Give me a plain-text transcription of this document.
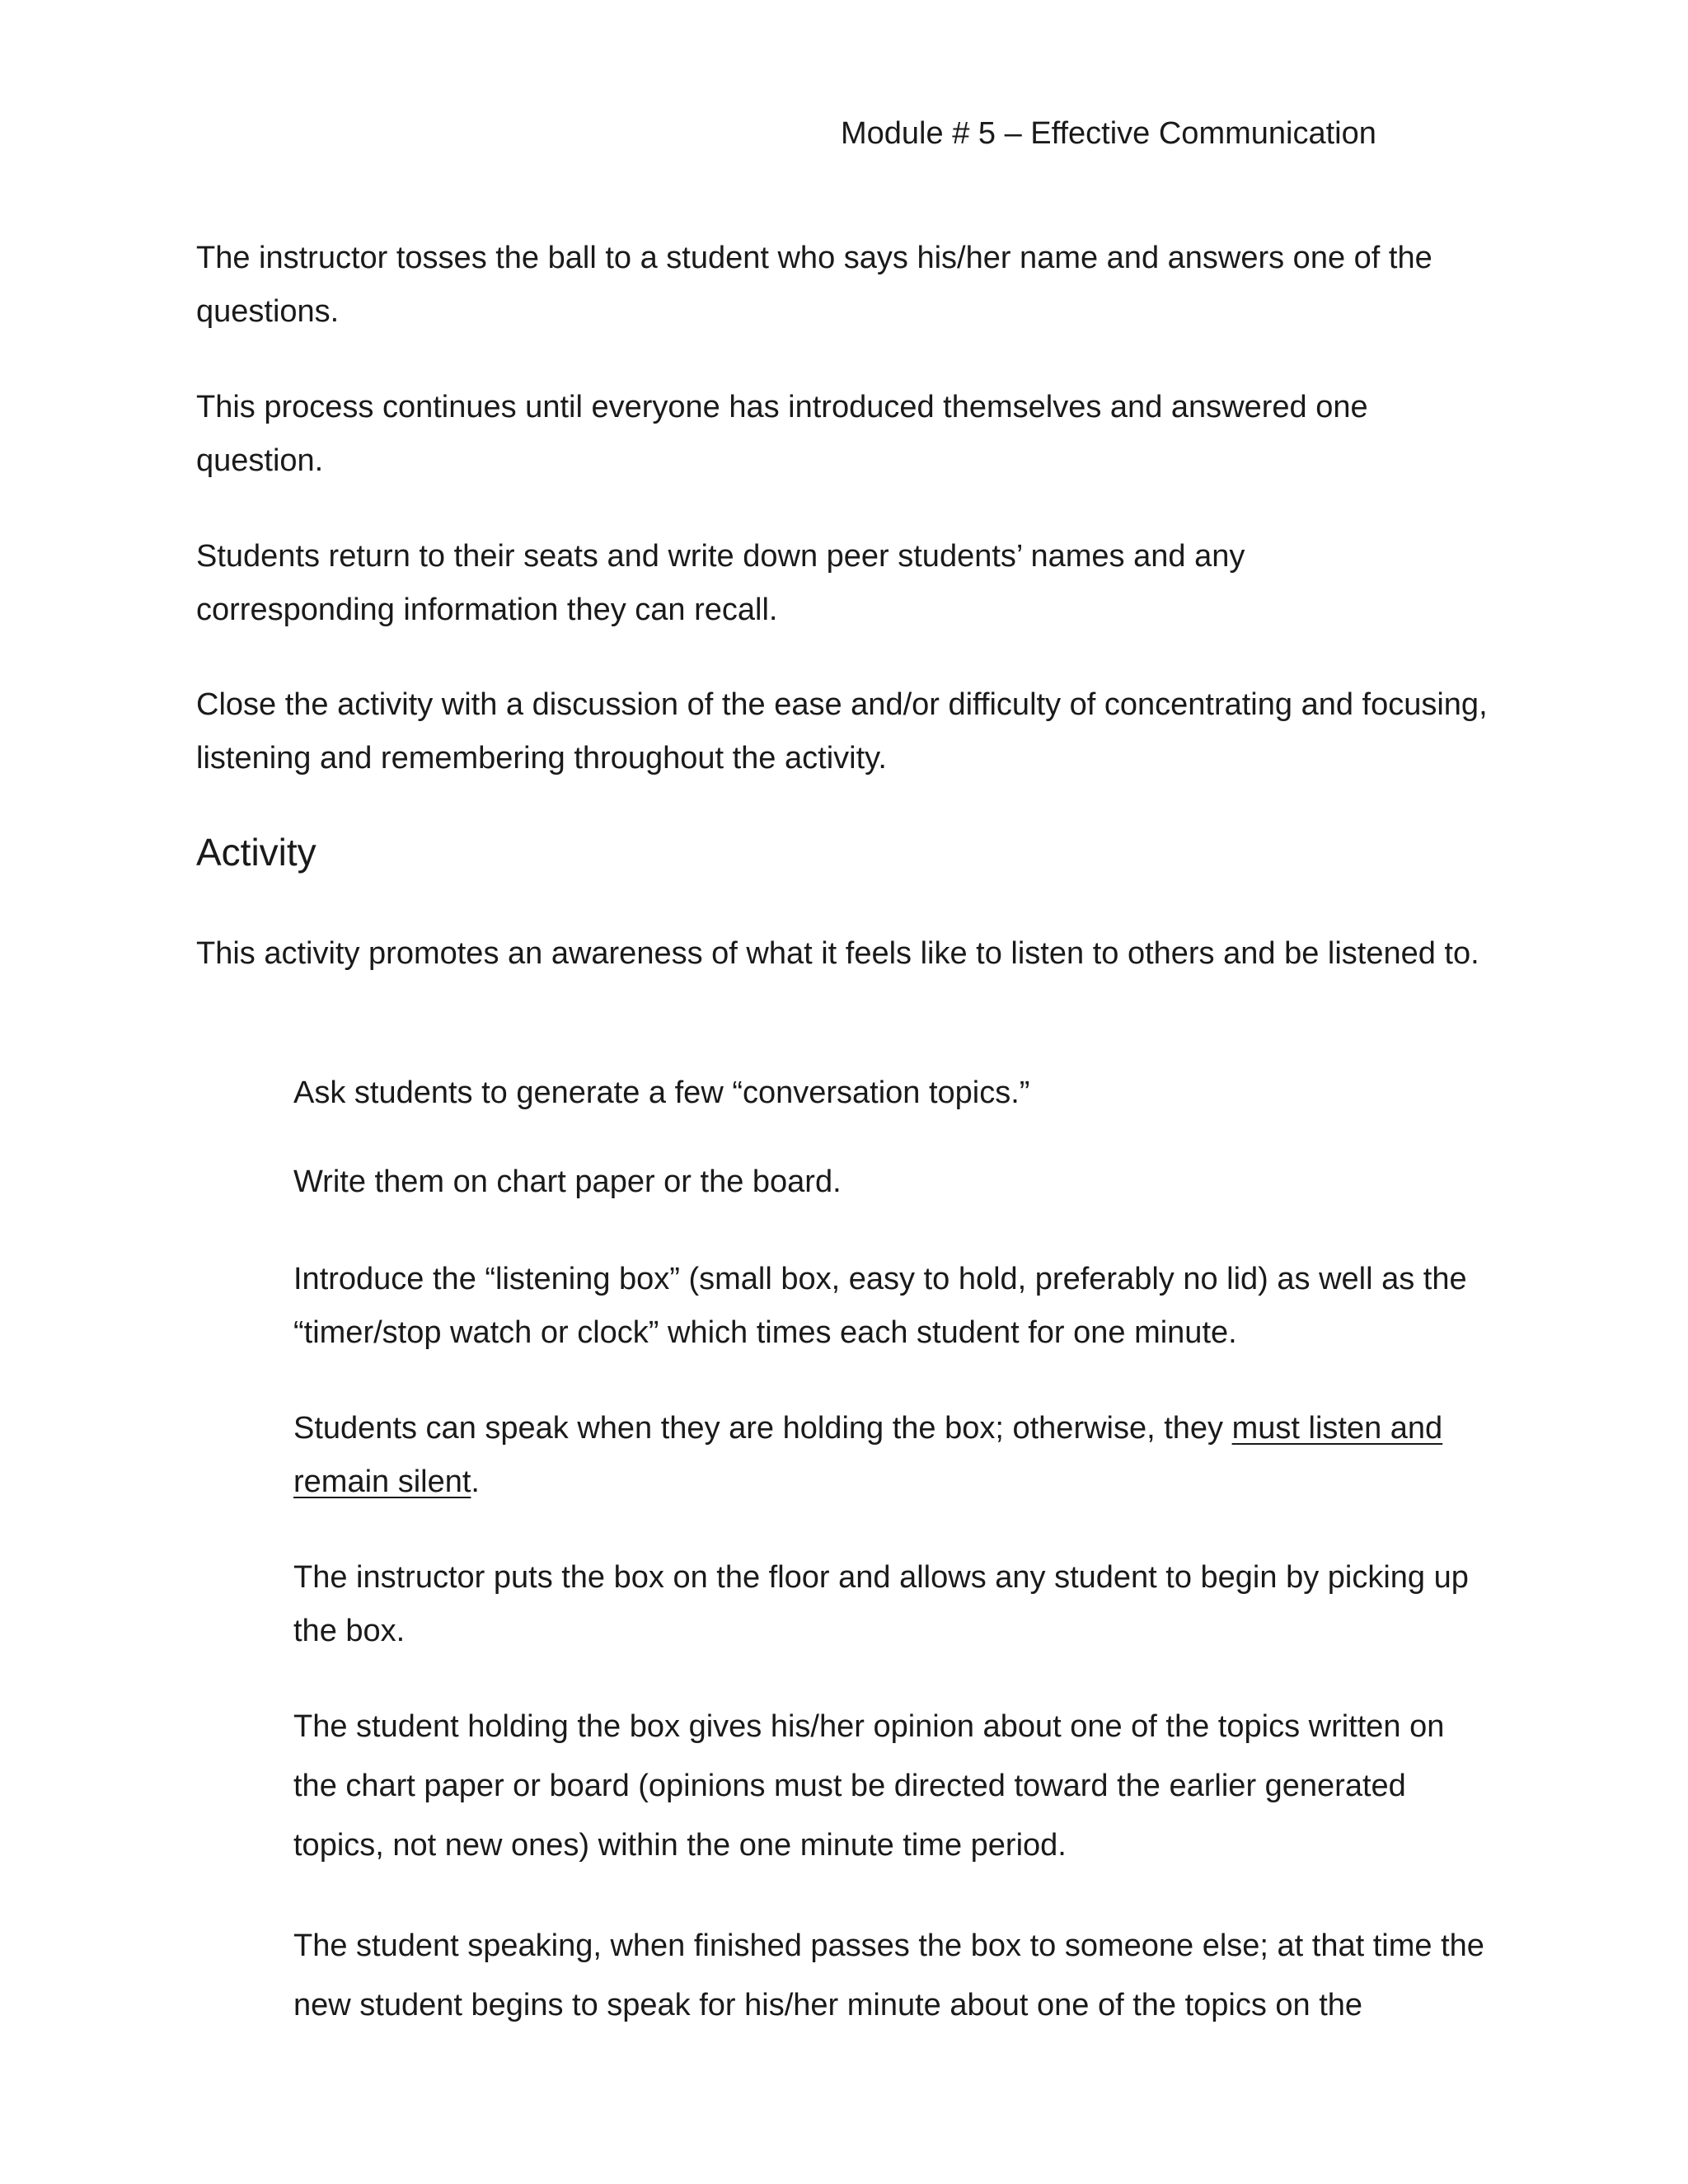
Module # 5 – Effective Communication

The instructor tosses the ball to a student who says his/her name and answers one of the questions.

This process continues until everyone has introduced themselves and answered one question.

Students return to their seats and write down peer students’ names and any corresponding information they can recall.

Close the activity with a discussion of the ease and/or difficulty of concentrating and focusing, listening and remembering throughout the activity.

Activity

This activity promotes an awareness of what it feels like to listen to others and be listened to.

Ask students to generate a few “conversation topics.”

Write them on chart paper or the board.

Introduce the “listening box” (small box, easy to hold, preferably no lid) as well as the “timer/stop watch or clock” which times each student for one minute.

Students can speak when they are holding the box; otherwise, they must listen and remain silent.

The instructor puts the box on the floor and allows any student to begin by picking up the box.

The student holding the box gives his/her opinion about one of the topics written on the chart paper or board (opinions must be directed toward the earlier generated topics, not new ones) within the one minute time period.

The student speaking, when finished passes the box to someone else; at that time the new student begins to speak for his/her minute about one of the topics on the
